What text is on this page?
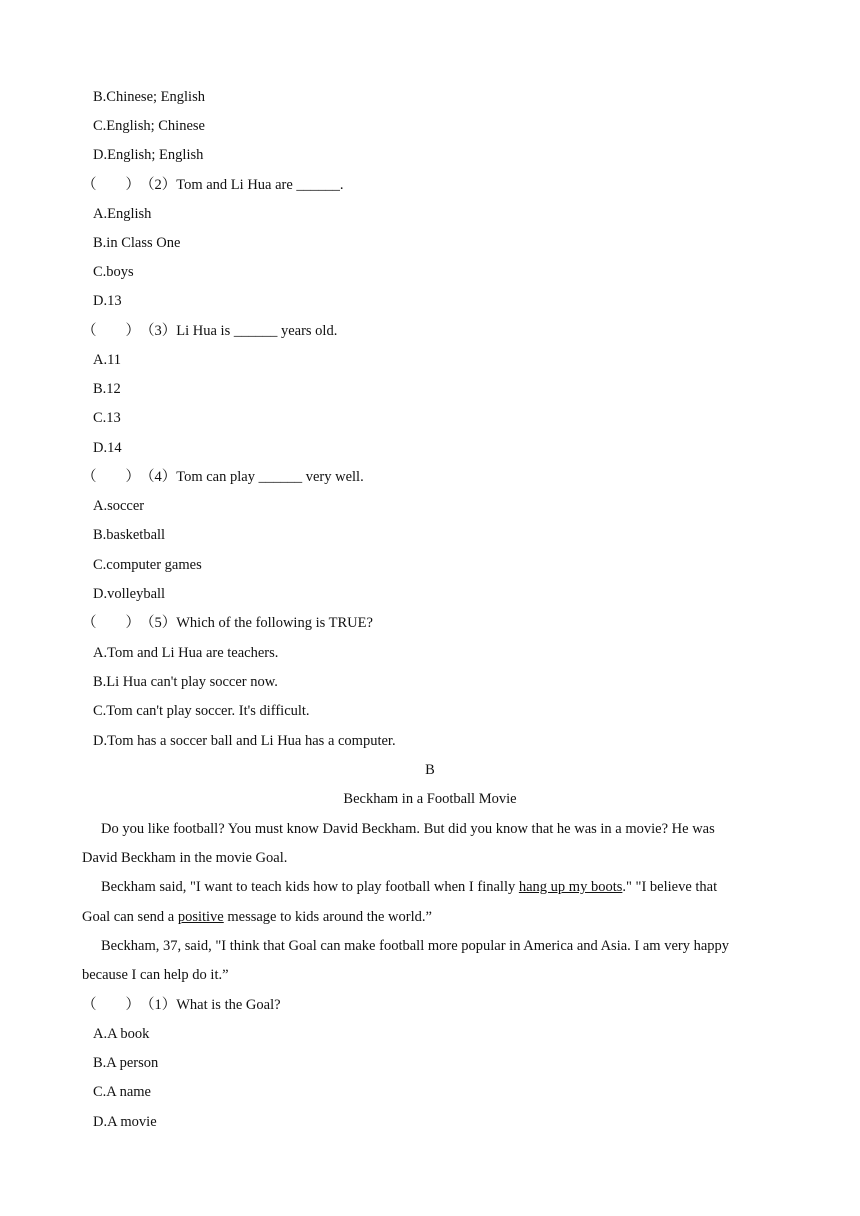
B.Chinese; English
C.English; Chinese
D.English; English
（　　）（2）Tom and Li Hua are ______.
A.English
B.in Class One
C.boys
D.13
（　　）（3）Li Hua is ______ years old.
A.11
B.12
C.13
D.14
（　　）（4）Tom can play ______ very well.
A.soccer
B.basketball
C.computer games
D.volleyball
（　　）（5）Which of the following is TRUE?
A.Tom and Li Hua are teachers.
B.Li Hua can't play soccer now.
C.Tom can't play soccer. It's difficult.
D.Tom has a soccer ball and Li Hua has a computer.
B
Beckham in a Football Movie
Do you like football? You must know David Beckham. But did you know that he was in a movie? He was
David Beckham in the movie Goal.
Beckham said, "I want to teach kids how to play football when I finally hang up my boots." "I believe that
Goal can send a positive message to kids around the world.”
Beckham, 37, said, "I think that Goal can make football more popular in America and Asia. I am very happy
because I can help do it.”
（　　）（1）What is the Goal?
A.A book
B.A person
C.A name
D.A movie
